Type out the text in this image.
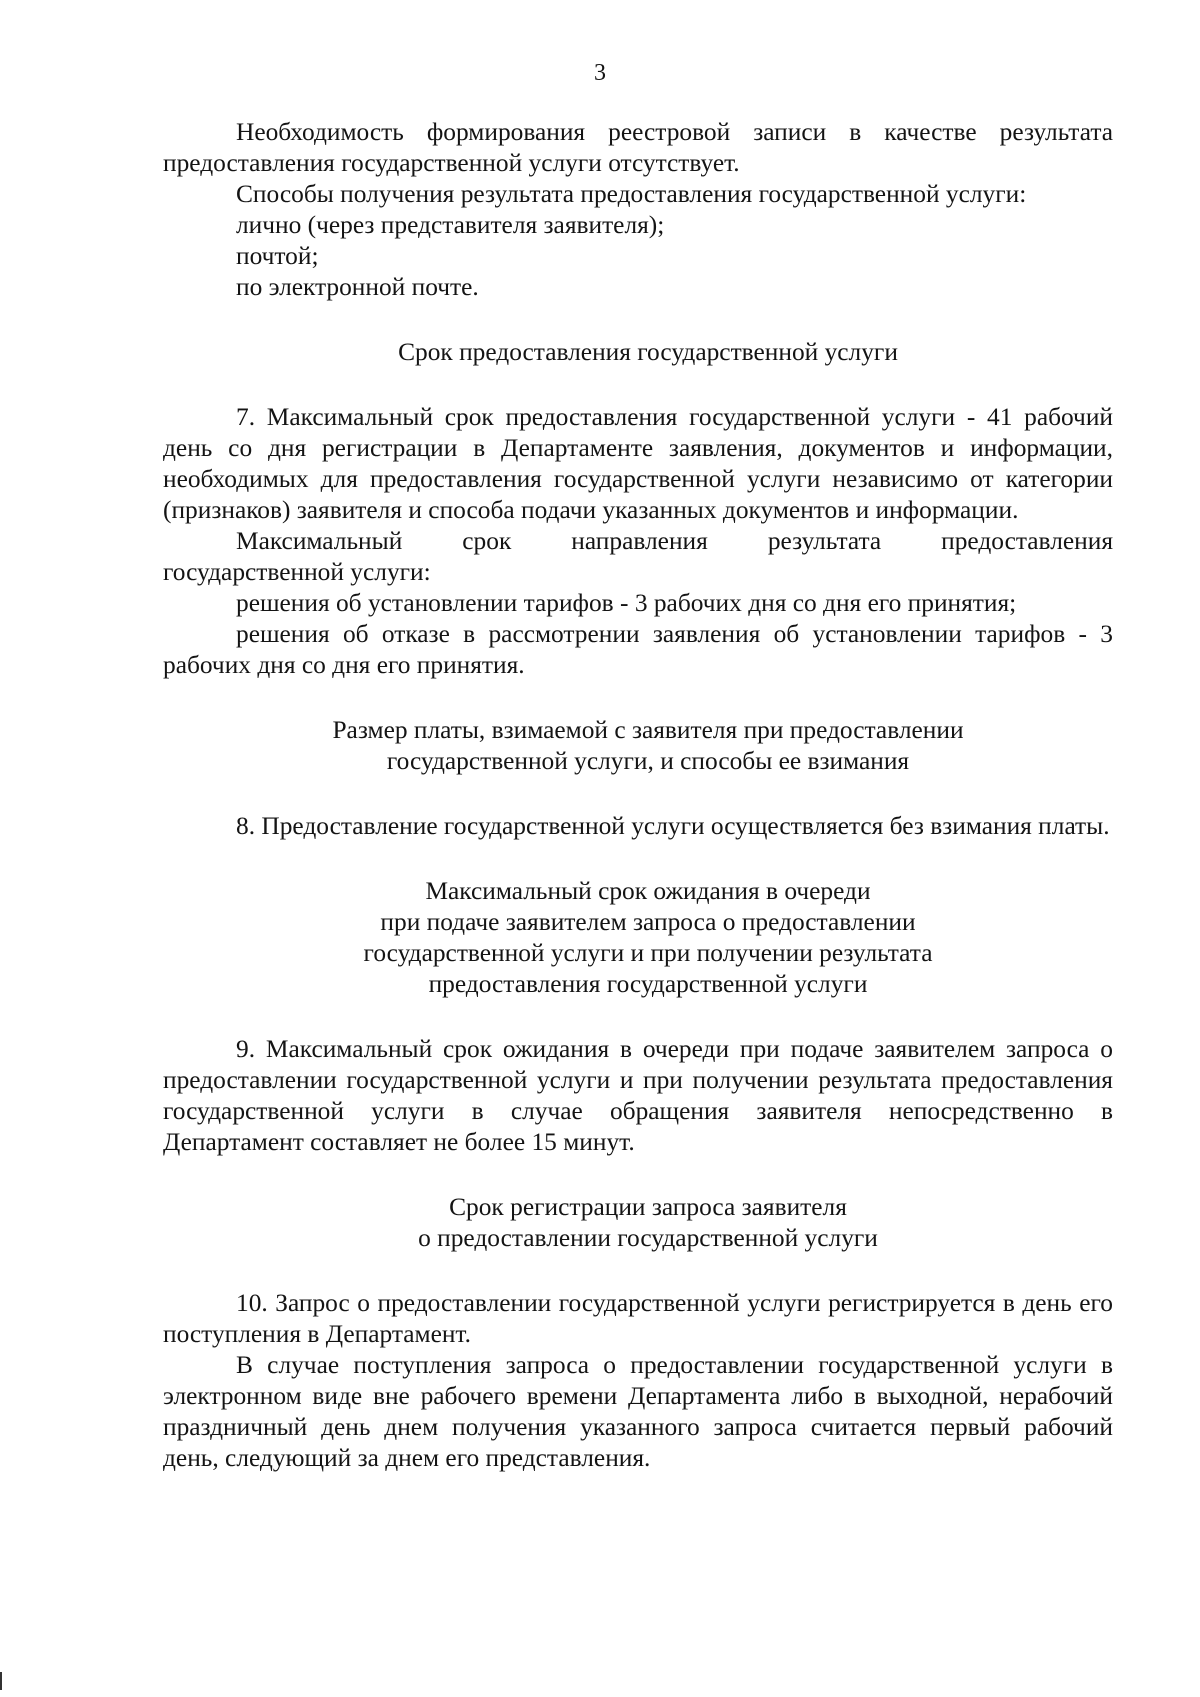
3

Необходимость формирования реестровой записи в качестве результата предоставления государственной услуги отсутствует.

Способы получения результата предоставления государственной услуги:

лично (через представителя заявителя);

почтой;

по электронной почте.

Срок предоставления государственной услуги

7. Максимальный срок предоставления государственной услуги - 41 рабочий день со дня регистрации в Департаменте заявления, документов и информации, необходимых для предоставления государственной услуги независимо от категории (признаков) заявителя и способа подачи указанных документов и информации.

Максимальный срок направления результата предоставления

государственной услуги:

решения об установлении тарифов - 3 рабочих дня со дня его принятия;

решения об отказе в рассмотрении заявления об установлении тарифов - 3 рабочих дня со дня его принятия.

Размер платы, взимаемой с заявителя при предоставлении

государственной услуги, и способы ее взимания

8. Предоставление государственной услуги осуществляется без взимания платы.

Максимальный срок ожидания в очереди

при подаче заявителем запроса о предоставлении

государственной услуги и при получении результата

предоставления государственной услуги

9. Максимальный срок ожидания в очереди при подаче заявителем запроса о предоставлении государственной услуги и при получении результата предоставления государственной услуги в случае обращения заявителя непосредственно в Департамент составляет не более 15 минут.

Срок регистрации запроса заявителя

о предоставлении государственной услуги

10. Запрос о предоставлении государственной услуги регистрируется в день его поступления в Департамент.

В случае поступления запроса о предоставлении государственной услуги в электронном виде вне рабочего времени Департамента либо в выходной, нерабочий праздничный день днем получения указанного запроса считается первый рабочий день, следующий за днем его представления.
